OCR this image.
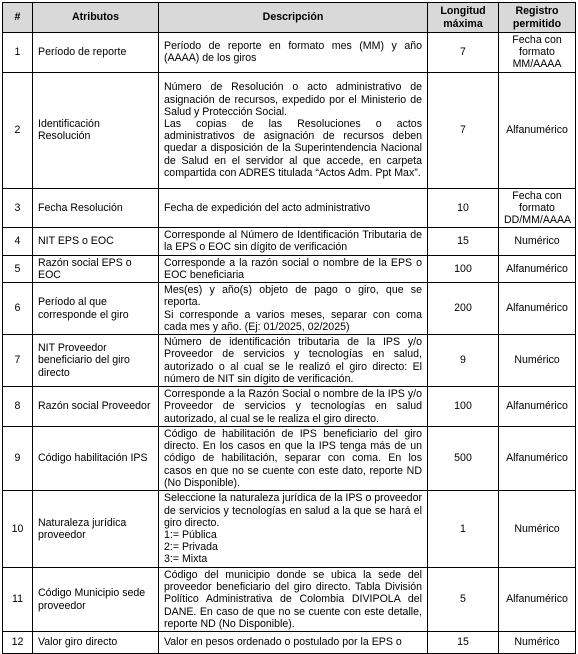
#	Atributos	Descripción	Longitud máxima	Registro permitido
1	Período de reporte	Período de reporte en formato mes (MM) y año (AAAA) de los giros	7	Fecha con formato MM/AAAA
2	Identificación Resolución	Número de Resolución o acto administrativo de asignación de recursos, expedido por el Ministerio de Salud y Protección Social.
Las copias de las Resoluciones o actos administrativos de asignación de recursos deben quedar a disposición de la Superintendencia Nacional de Salud en el servidor al que accede, en carpeta compartida con ADRES titulada “Actos Adm. Ppt Max”.	7	Alfanumérico
3	Fecha Resolución	Fecha de expedición del acto administrativo	10	Fecha con formato DD/MM/AAAA
4	NIT EPS o EOC	Corresponde al Número de Identificación Tributaria de la EPS o EOC sin dígito de verificación	15	Numérico
5	Razón social EPS o EOC	Corresponde a la razón social o nombre de la EPS o EOC beneficiaria	100	Alfanumérico
6	Período al que corresponde el giro	Mes(es) y año(s) objeto de pago o giro, que se reporta.
Si corresponde a varios meses, separar con coma cada mes y año. (Ej: 01/2025, 02/2025)	200	Alfanumérico
7	NIT Proveedor beneficiario del giro directo	Número de identificación tributaria de la IPS y/o Proveedor de servicios y tecnologías en salud, autorizado o al cual se le realizó el giro directo: El número de NIT sin dígito de verificación.	9	Numérico
8	Razón social Proveedor	Corresponde a la Razón Social o nombre de la IPS y/o Proveedor de servicios y tecnologías en salud autorizado, al cual se le realiza el giro directo.	100	Alfanumérico
9	Código habilitación IPS	Código de habilitación de IPS beneficiario del giro directo. En los casos en que la IPS tenga más de un código de habilitación, separar con coma. En los casos en que no se cuente con este dato, reporte ND (No Disponible).	500	Alfanumérico
10	Naturaleza jurídica proveedor	Seleccione la naturaleza jurídica de la IPS o proveedor de servicios y tecnologías en salud a la que se hará el giro directo.
1:= Pública
2:= Privada
3:= Mixta	1	Numérico
11	Código Municipio sede proveedor	Código del municipio donde se ubica la sede del proveedor beneficiario del giro directo. Tabla División Político Administrativa de Colombia DIVIPOLA del DANE. En caso de que no se cuente con este detalle, reporte ND (No Disponible).	5	Alfanumérico
12	Valor giro directo	Valor en pesos ordenado o postulado por la EPS o	15	Numérico
